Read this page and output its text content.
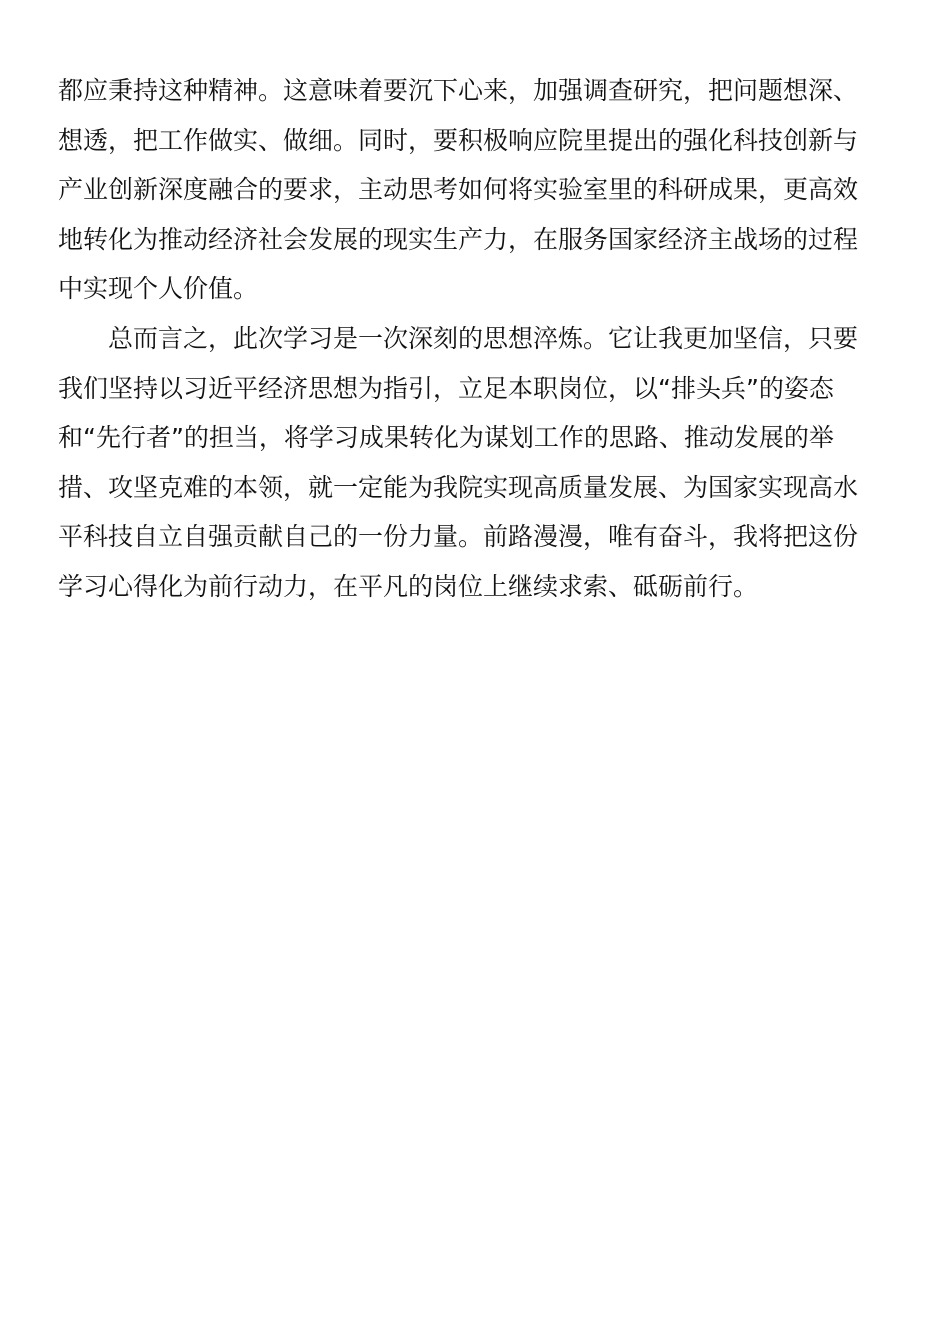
都应秉持这种精神。这意味着要沉下心来，加强调查研究，把问题想深、
想透，把工作做实、做细。同时，要积极响应院里提出的强化科技创新与
产业创新深度融合的要求，主动思考如何将实验室里的科研成果，更高效
地转化为推动经济社会发展的现实生产力，在服务国家经济主战场的过程
中实现个人价值。
总而言之，此次学习是一次深刻的思想淬炼。它让我更加坚信，只要
我们坚持以习近平经济思想为指引，立足本职岗位，以“排头兵”的姿态
和“先行者”的担当，将学习成果转化为谋划工作的思路、推动发展的举
措、攻坚克难的本领，就一定能为我院实现高质量发展、为国家实现高水
平科技自立自强贡献自己的一份力量。前路漫漫，唯有奋斗，我将把这份
学习心得化为前行动力，在平凡的岗位上继续求索、砥砺前行。
